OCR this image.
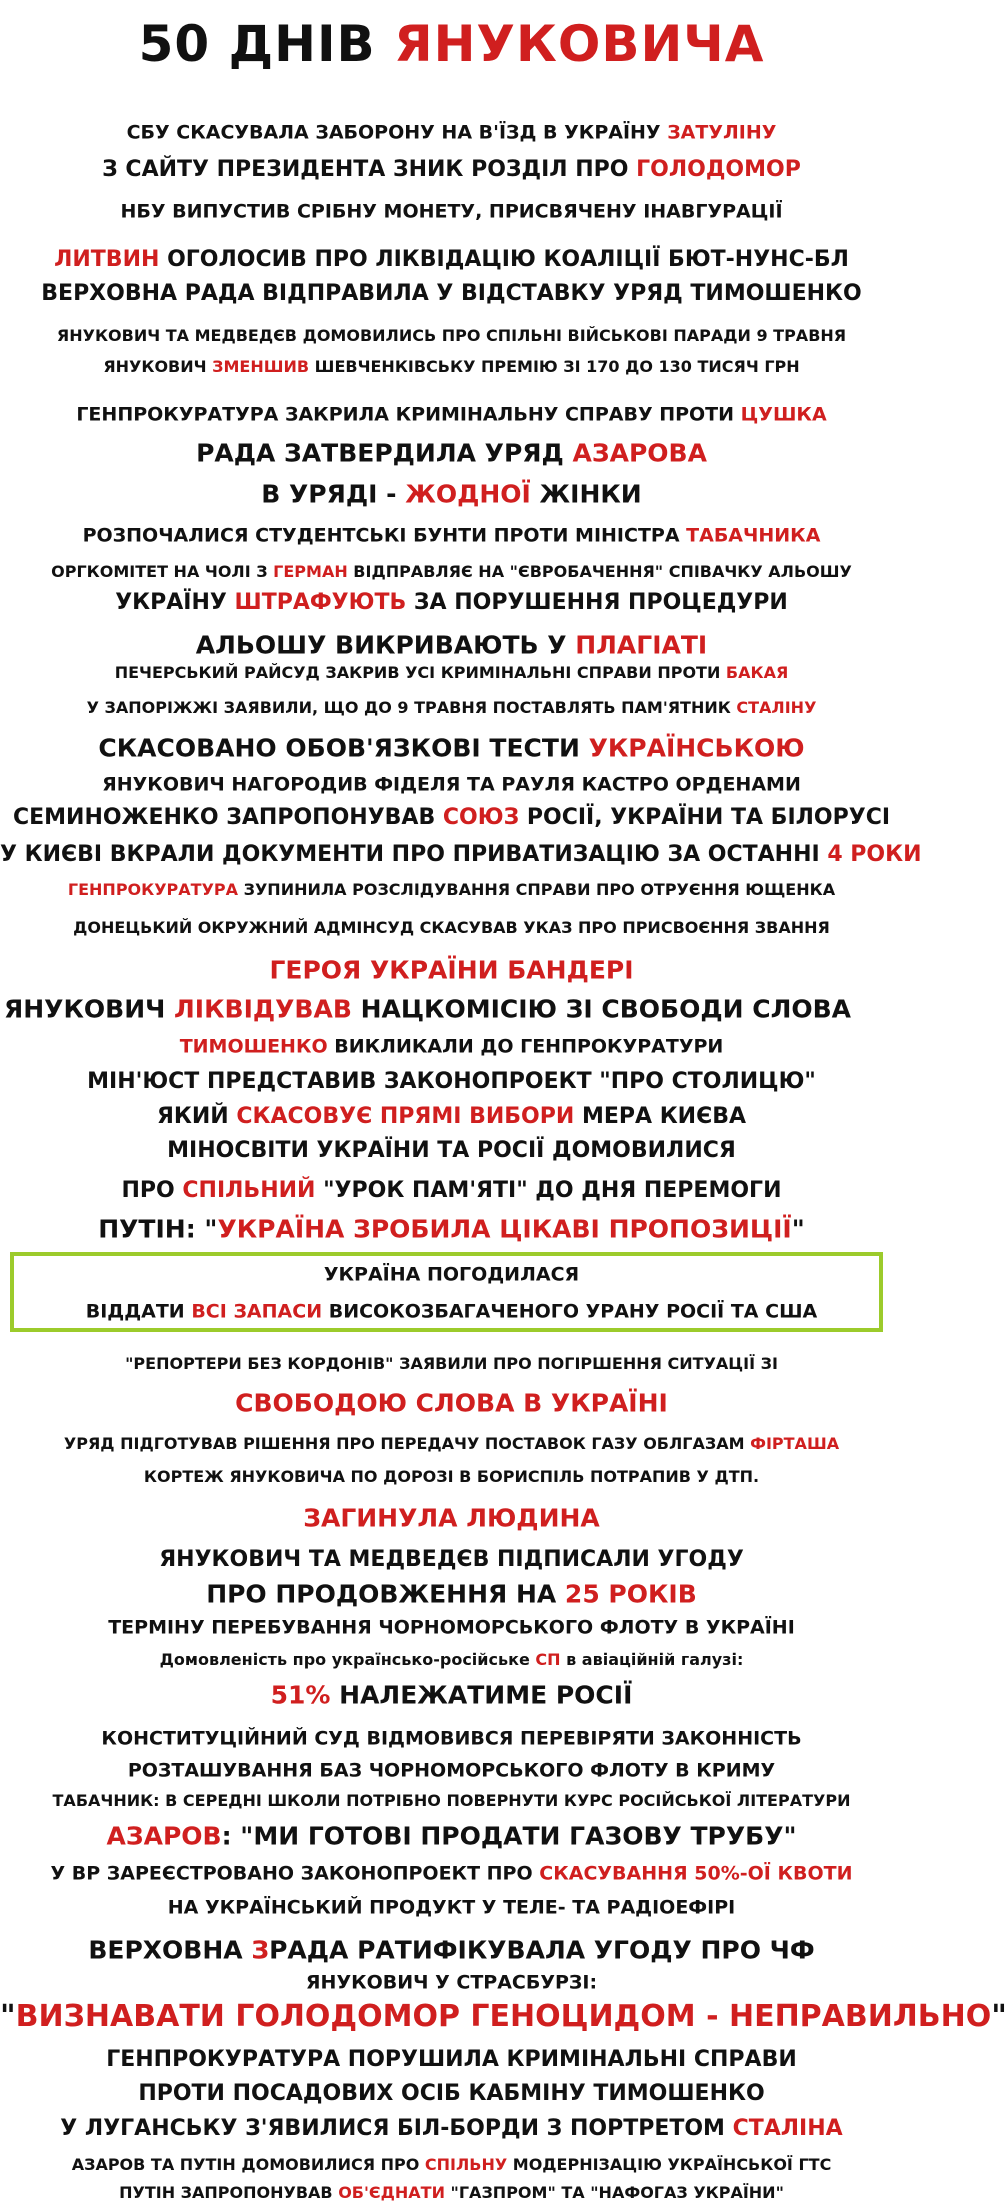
50 ДНІВ ЯНУКОВИЧА
СБУ СКАСУВАЛА ЗАБОРОНУ НА В'ЇЗД В УКРАЇНУ ЗАТУЛІНУ
З САЙТУ ПРЕЗИДЕНТА ЗНИК РОЗДІЛ ПРО ГОЛОДОМОР
НБУ ВИПУСТИВ СРІБНУ МОНЕТУ, ПРИСВЯЧЕНУ ІНАВГУРАЦІЇ
ЛИТВИН ОГОЛОСИВ ПРО ЛІКВІДАЦІЮ КОАЛІЦІЇ БЮТ-НУНС-БЛ
ВЕРХОВНА РАДА ВІДПРАВИЛА У ВІДСТАВКУ УРЯД ТИМОШЕНКО
ЯНУКОВИЧ ТА МЕДВЕДЄВ ДОМОВИЛИСЬ ПРО СПІЛЬНІ ВІЙСЬКОВІ ПАРАДИ 9 ТРАВНЯ
ЯНУКОВИЧ ЗМЕНШИВ ШЕВЧЕНКІВСЬКУ ПРЕМІЮ ЗІ 170 ДО 130 ТИСЯЧ ГРН
ГЕНПРОКУРАТУРА ЗАКРИЛА КРИМІНАЛЬНУ СПРАВУ ПРОТИ ЦУШКА
РАДА ЗАТВЕРДИЛА УРЯД АЗАРОВА
В УРЯДІ - ЖОДНОЇ ЖІНКИ
РОЗПОЧАЛИСЯ СТУДЕНТСЬКІ БУНТИ ПРОТИ МІНІСТРА ТАБАЧНИКА
ОРГКОМІТЕТ НА ЧОЛІ З ГЕРМАН ВІДПРАВЛЯЄ НА "ЄВРОБАЧЕННЯ" СПІВАЧКУ АЛЬОШУ
УКРАЇНУ ШТРАФУЮТЬ ЗА ПОРУШЕННЯ ПРОЦЕДУРИ
АЛЬОШУ ВИКРИВАЮТЬ У ПЛАГІАТІ
ПЕЧЕРСЬКИЙ РАЙСУД ЗАКРИВ УСІ КРИМІНАЛЬНІ СПРАВИ ПРОТИ БАКАЯ
У ЗАПОРІЖЖІ ЗАЯВИЛИ, ЩО ДО 9 ТРАВНЯ ПОСТАВЛЯТЬ ПАМ'ЯТНИК СТАЛІНУ
СКАСОВАНО ОБОВ'ЯЗКОВІ ТЕСТИ УКРАЇНСЬКОЮ
ЯНУКОВИЧ НАГОРОДИВ ФІДЕЛЯ ТА РАУЛЯ КАСТРО ОРДЕНАМИ
СЕМИНОЖЕНКО ЗАПРОПОНУВАВ СОЮЗ РОСІЇ, УКРАЇНИ ТА БІЛОРУСІ
У КИЄВІ ВКРАЛИ ДОКУМЕНТИ ПРО ПРИВАТИЗАЦІЮ ЗА ОСТАННІ 4 РОКИ
ГЕНПРОКУРАТУРА ЗУПИНИЛА РОЗСЛІДУВАННЯ СПРАВИ ПРО ОТРУЄННЯ ЮЩЕНКА
ДОНЕЦЬКИЙ ОКРУЖНИЙ АДМІНСУД СКАСУВАВ УКАЗ ПРО ПРИСВОЄННЯ ЗВАННЯ
ГЕРОЯ УКРАЇНИ БАНДЕРІ
ЯНУКОВИЧ ЛІКВІДУВАВ НАЦКОМІСІЮ ЗІ СВОБОДИ СЛОВА
ТИМОШЕНКО ВИКЛИКАЛИ ДО ГЕНПРОКУРАТУРИ
МІН'ЮСТ ПРЕДСТАВИВ ЗАКОНОПРОЕКТ "ПРО СТОЛИЦЮ"
ЯКИЙ СКАСОВУЄ ПРЯМІ ВИБОРИ МЕРА КИЄВА
МІНОСВІТИ УКРАЇНИ ТА РОСІЇ ДОМОВИЛИСЯ
ПРО СПІЛЬНИЙ "УРОК ПАМ'ЯТІ" ДО ДНЯ ПЕРЕМОГИ
ПУТІН: "УКРАЇНА ЗРОБИЛА ЦІКАВІ ПРОПОЗИЦІЇ"
УКРАЇНА ПОГОДИЛАСЯ
ВІДДАТИ ВСІ ЗАПАСИ ВИСОКОЗБАГАЧЕНОГО УРАНУ РОСІЇ ТА США
"РЕПОРТЕРИ БЕЗ КОРДОНІВ" ЗАЯВИЛИ ПРО ПОГІРШЕННЯ СИТУАЦІЇ ЗІ
СВОБОДОЮ СЛОВА В УКРАЇНІ
УРЯД ПІДГОТУВАВ РІШЕННЯ ПРО ПЕРЕДАЧУ ПОСТАВОК ГАЗУ ОБЛГАЗАМ ФІРТАША
КОРТЕЖ ЯНУКОВИЧА ПО ДОРОЗІ В БОРИСПІЛЬ ПОТРАПИВ У ДТП.
ЗАГИНУЛА ЛЮДИНА
ЯНУКОВИЧ ТА МЕДВЕДЄВ ПІДПИСАЛИ УГОДУ
ПРО ПРОДОВЖЕННЯ НА 25 РОКІВ
ТЕРМІНУ ПЕРЕБУВАННЯ ЧОРНОМОРСЬКОГО ФЛОТУ В УКРАЇНІ
Домовленість про українсько-російське СП в авіаційній галузі:
51% НАЛЕЖАТИМЕ РОСІЇ
КОНСТИТУЦІЙНИЙ СУД ВІДМОВИВСЯ ПЕРЕВІРЯТИ ЗАКОННІСТЬ
РОЗТАШУВАННЯ БАЗ ЧОРНОМОРСЬКОГО ФЛОТУ В КРИМУ
ТАБАЧНИК: В СЕРЕДНІ ШКОЛИ ПОТРІБНО ПОВЕРНУТИ КУРС РОСІЙСЬКОЇ ЛІТЕРАТУРИ
АЗАРОВ: "МИ ГОТОВІ ПРОДАТИ ГАЗОВУ ТРУБУ"
У ВР ЗАРЕЄСТРОВАНО ЗАКОНОПРОЕКТ ПРО СКАСУВАННЯ 50%-ОЇ КВОТИ
НА УКРАЇНСЬКИЙ ПРОДУКТ У ТЕЛЕ- ТА РАДІОЕФІРІ
ВЕРХОВНА ЗРАДА РАТИФІКУВАЛА УГОДУ ПРО ЧФ
ЯНУКОВИЧ У СТРАСБУРЗІ:
"ВИЗНАВАТИ ГОЛОДОМОР ГЕНОЦИДОМ - НЕПРАВИЛЬНО"
ГЕНПРОКУРАТУРА ПОРУШИЛА КРИМІНАЛЬНІ СПРАВИ
ПРОТИ ПОСАДОВИХ ОСІБ КАБМІНУ ТИМОШЕНКО
У ЛУГАНСЬКУ З'ЯВИЛИСЯ БІЛ-БОРДИ З ПОРТРЕТОМ СТАЛІНА
АЗАРОВ ТА ПУТІН ДОМОВИЛИСЯ ПРО СПІЛЬНУ МОДЕРНІЗАЦІЮ УКРАЇНСЬКОЇ ГТС
ПУТІН ЗАПРОПОНУВАВ ОБ'ЄДНАТИ "ГАЗПРОМ" ТА "НАФОГАЗ УКРАЇНИ"
